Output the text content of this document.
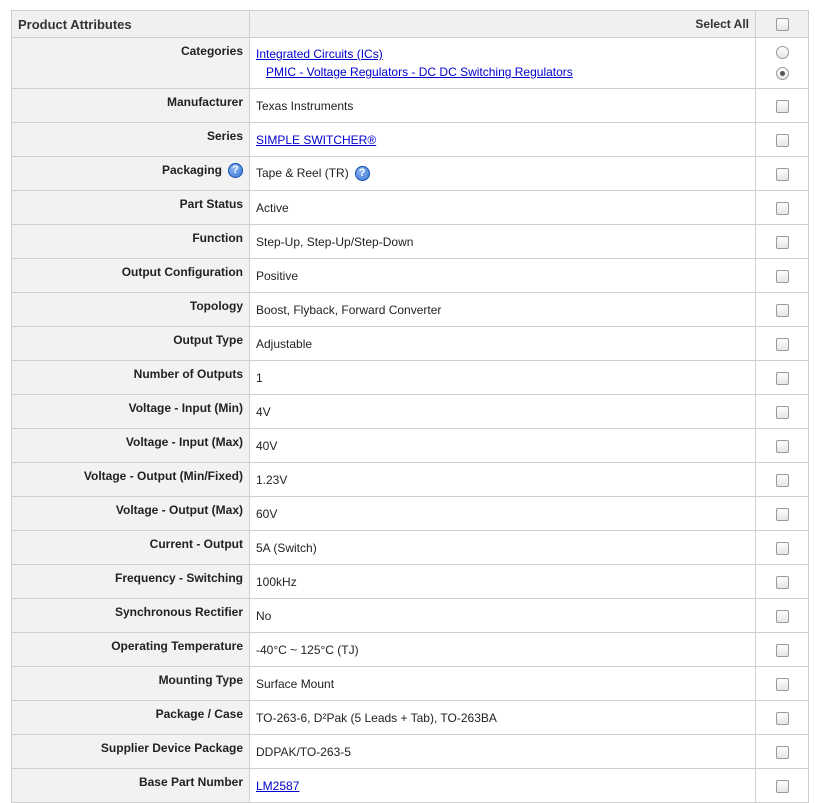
Product Attributes	Select All	
Categories	Integrated Circuits (ICs)
PMIC - Voltage Regulators - DC DC Switching Regulators	

Manufacturer	Texas Instruments	
Series	SIMPLE SWITCHER®	
Packaging ?	Tape & Reel (TR) ?	
Part Status	Active	
Function	Step-Up, Step-Up/Step-Down	
Output Configuration	Positive	
Topology	Boost, Flyback, Forward Converter	
Output Type	Adjustable	
Number of Outputs	1	
Voltage - Input (Min)	4V	
Voltage - Input (Max)	40V	
Voltage - Output (Min/Fixed)	1.23V	
Voltage - Output (Max)	60V	
Current - Output	5A (Switch)	
Frequency - Switching	100kHz	
Synchronous Rectifier	No	
Operating Temperature	-40°C ~ 125°C (TJ)	
Mounting Type	Surface Mount	
Package / Case	TO-263-6, D²Pak (5 Leads + Tab), TO-263BA	
Supplier Device Package	DDPAK/TO-263-5	
Base Part Number	LM2587	
